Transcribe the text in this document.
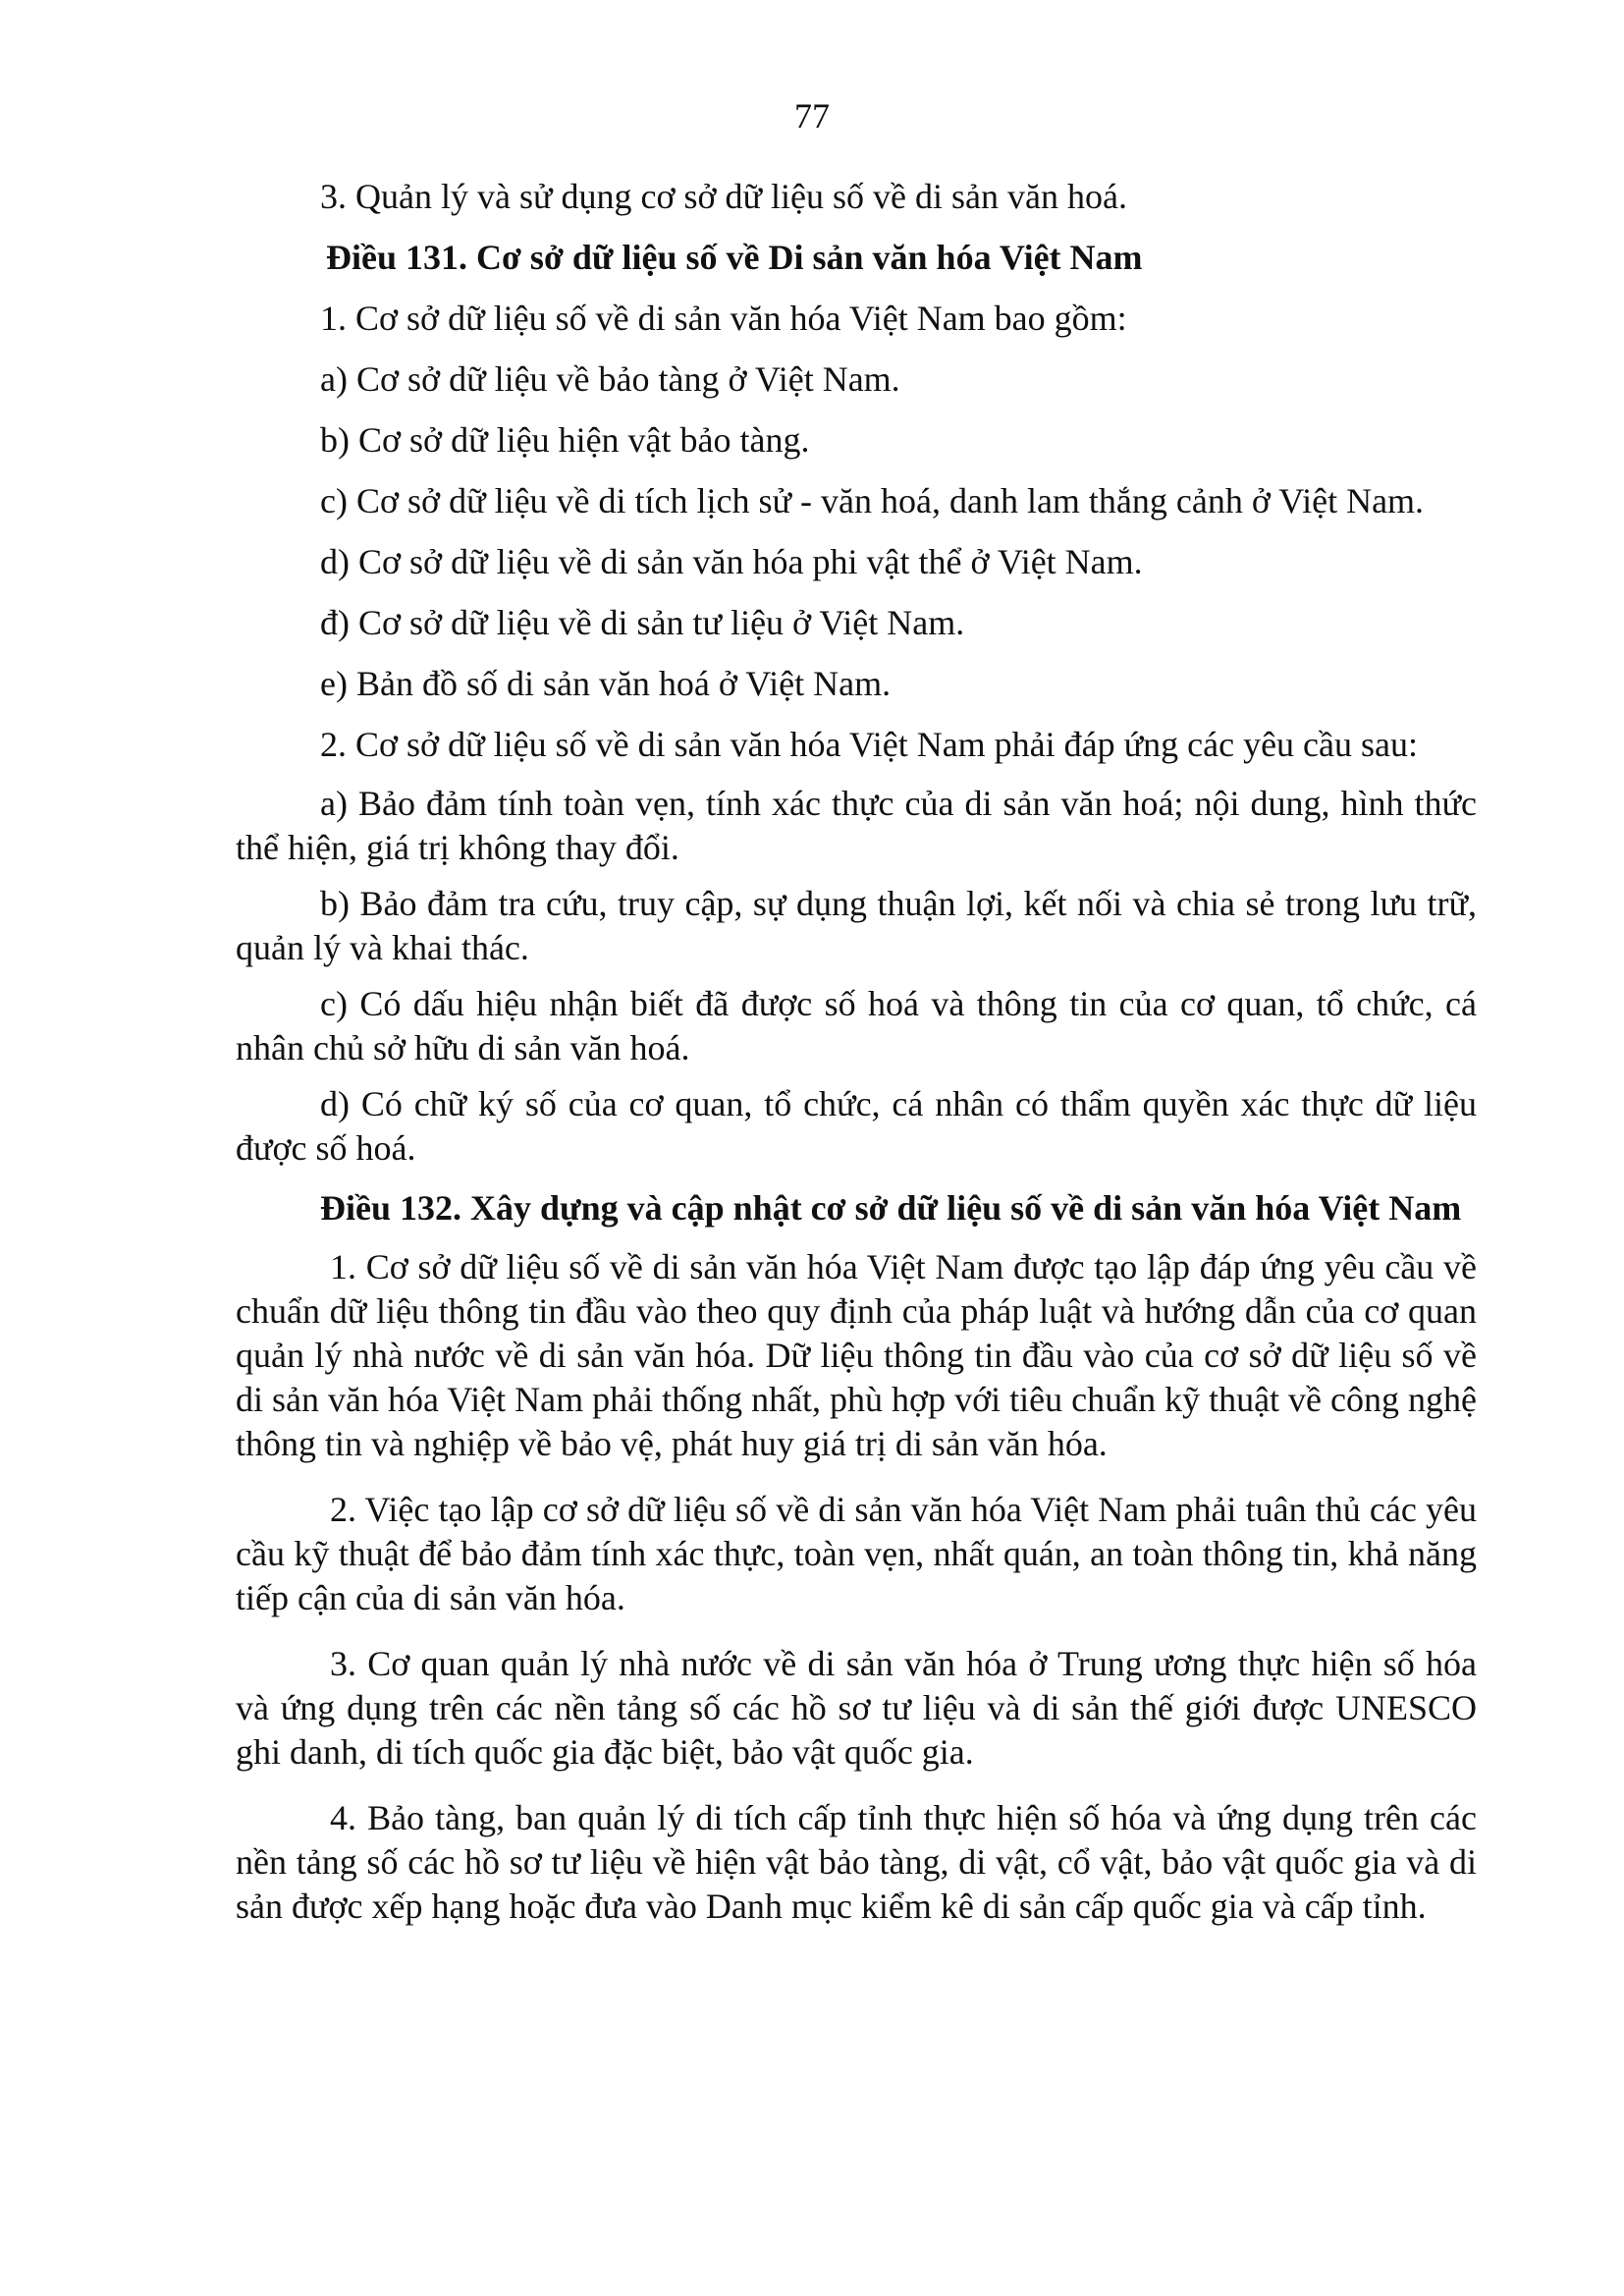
77

3. Quản lý và sử dụng cơ sở dữ liệu số về di sản văn hoá.

Điều 131. Cơ sở dữ liệu số về Di sản văn hóa Việt Nam

1. Cơ sở dữ liệu số về di sản văn hóa Việt Nam bao gồm:

a) Cơ sở dữ liệu về bảo tàng ở Việt Nam.

b) Cơ sở dữ liệu hiện vật bảo tàng.

c) Cơ sở dữ liệu về di tích lịch sử - văn hoá, danh lam thắng cảnh ở Việt Nam.

d) Cơ sở dữ liệu về di sản văn hóa phi vật thể ở Việt Nam.

đ) Cơ sở dữ liệu về di sản tư liệu ở Việt Nam.

e) Bản đồ số di sản văn hoá ở Việt Nam.

2. Cơ sở dữ liệu số về di sản văn hóa Việt Nam phải đáp ứng các yêu cầu sau:

a) Bảo đảm tính toàn vẹn, tính xác thực của di sản văn hoá; nội dung, hình thức thể hiện, giá trị không thay đổi.

b) Bảo đảm tra cứu, truy cập, sự dụng thuận lợi, kết nối và chia sẻ trong lưu trữ, quản lý và khai thác.

c) Có dấu hiệu nhận biết đã được số hoá và thông tin của cơ quan, tổ chức, cá nhân chủ sở hữu di sản văn hoá.

d) Có chữ ký số của cơ quan, tổ chức, cá nhân có thẩm quyền xác thực dữ liệu được số hoá.

Điều 132. Xây dựng và cập nhật cơ sở dữ liệu số về di sản văn hóa Việt Nam

1. Cơ sở dữ liệu số về di sản văn hóa Việt Nam được tạo lập đáp ứng yêu cầu về chuẩn dữ liệu thông tin đầu vào theo quy định của pháp luật và hướng dẫn của cơ quan quản lý nhà nước về di sản văn hóa. Dữ liệu thông tin đầu vào của cơ sở dữ liệu số về di sản văn hóa Việt Nam phải thống nhất, phù hợp với tiêu chuẩn kỹ thuật về công nghệ thông tin và nghiệp về bảo vệ, phát huy giá trị di sản văn hóa.

2. Việc tạo lập cơ sở dữ liệu số về di sản văn hóa Việt Nam phải tuân thủ các yêu cầu kỹ thuật để bảo đảm tính xác thực, toàn vẹn, nhất quán, an toàn thông tin, khả năng tiếp cận của di sản văn hóa.

3. Cơ quan quản lý nhà nước về di sản văn hóa ở Trung ương thực hiện số hóa và ứng dụng trên các nền tảng số các hồ sơ tư liệu và di sản thế giới được UNESCO ghi danh, di tích quốc gia đặc biệt, bảo vật quốc gia.

4. Bảo tàng, ban quản lý di tích cấp tỉnh thực hiện số hóa và ứng dụng trên các nền tảng số các hồ sơ tư liệu về hiện vật bảo tàng, di vật, cổ vật, bảo vật quốc gia và di sản được xếp hạng hoặc đưa vào Danh mục kiểm kê di sản cấp quốc gia và cấp tỉnh.
